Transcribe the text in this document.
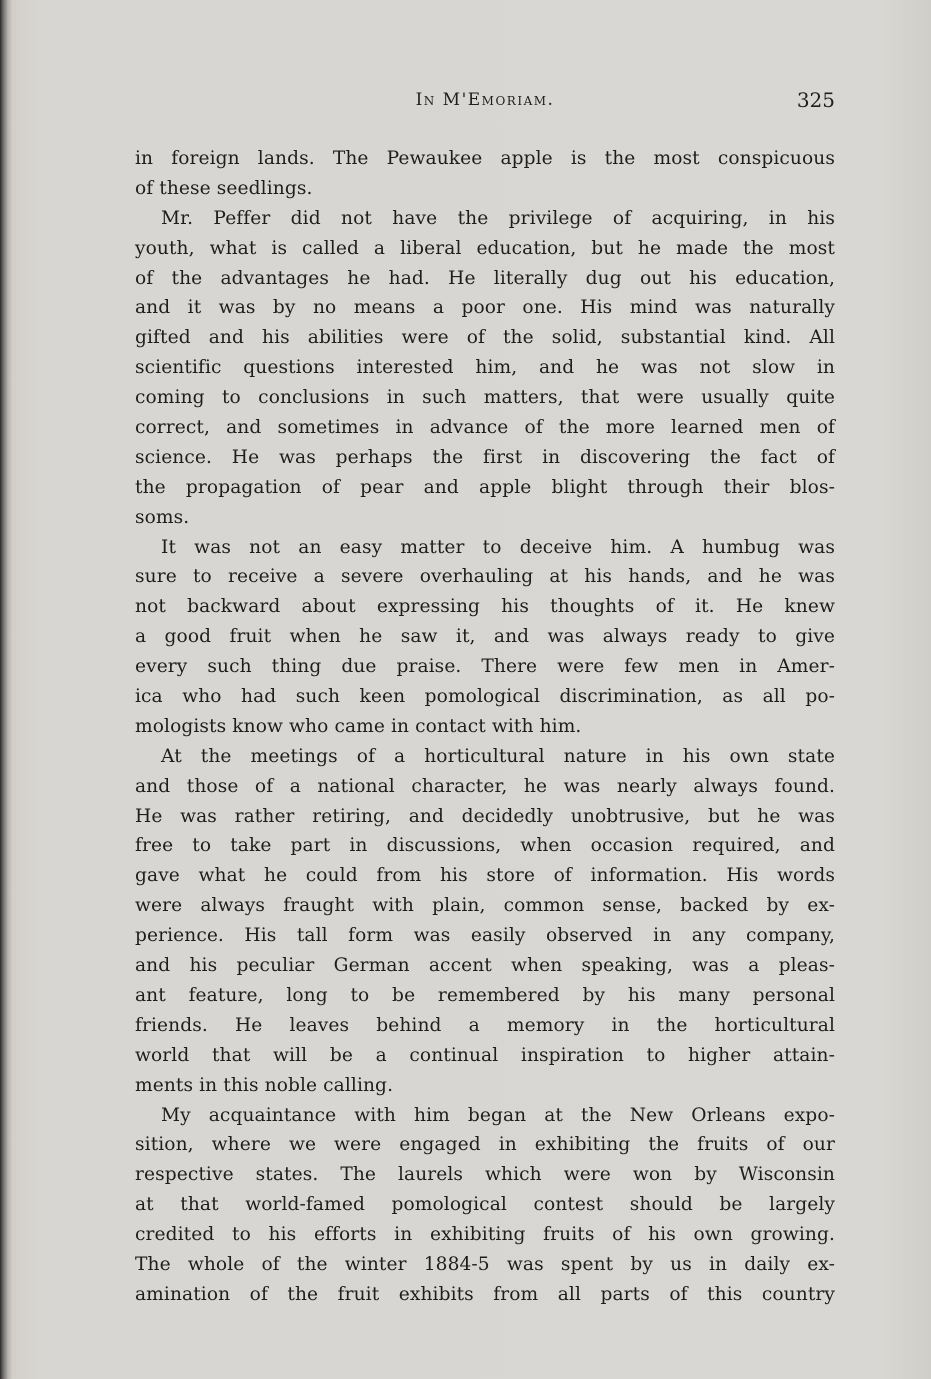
In M'Emoriam.	325
in foreign lands. The Pewaukee apple is the most conspicuous
of these seedlings.
Mr. Peffer did not have the privilege of acquiring, in his
youth, what is called a liberal education, but he made the most
of the advantages he had. He literally dug out his education,
and it was by no means a poor one. His mind was naturally
gifted and his abilities were of the solid, substantial kind. All
scientific questions interested him, and he was not slow in
coming to conclusions in such matters, that were usually quite
correct, and sometimes in advance of the more learned men of
science. He was perhaps the first in discovering the fact of
the propagation of pear and apple blight through their blos-
soms.
It was not an easy matter to deceive him. A humbug was
sure to receive a severe overhauling at his hands, and he was
not backward about expressing his thoughts of it. He knew
a good fruit when he saw it, and was always ready to give
every such thing due praise. There were few men in Amer-
ica who had such keen pomological discrimination, as all po-
mologists know who came in contact with him.
At the meetings of a horticultural nature in his own state
and those of a national character, he was nearly always found.
He was rather retiring, and decidedly unobtrusive, but he was
free to take part in discussions, when occasion required, and
gave what he could from his store of information. His words
were always fraught with plain, common sense, backed by ex-
perience. His tall form was easily observed in any company,
and his peculiar German accent when speaking, was a pleas-
ant feature, long to be remembered by his many personal
friends. He leaves behind a memory in the horticultural
world that will be a continual inspiration to higher attain-
ments in this noble calling.
My acquaintance with him began at the New Orleans expo-
sition, where we were engaged in exhibiting the fruits of our
respective states. The laurels which were won by Wisconsin
at that world-famed pomological contest should be largely
credited to his efforts in exhibiting fruits of his own growing.
The whole of the winter 1884-5 was spent by us in daily ex-
amination of the fruit exhibits from all parts of this country
